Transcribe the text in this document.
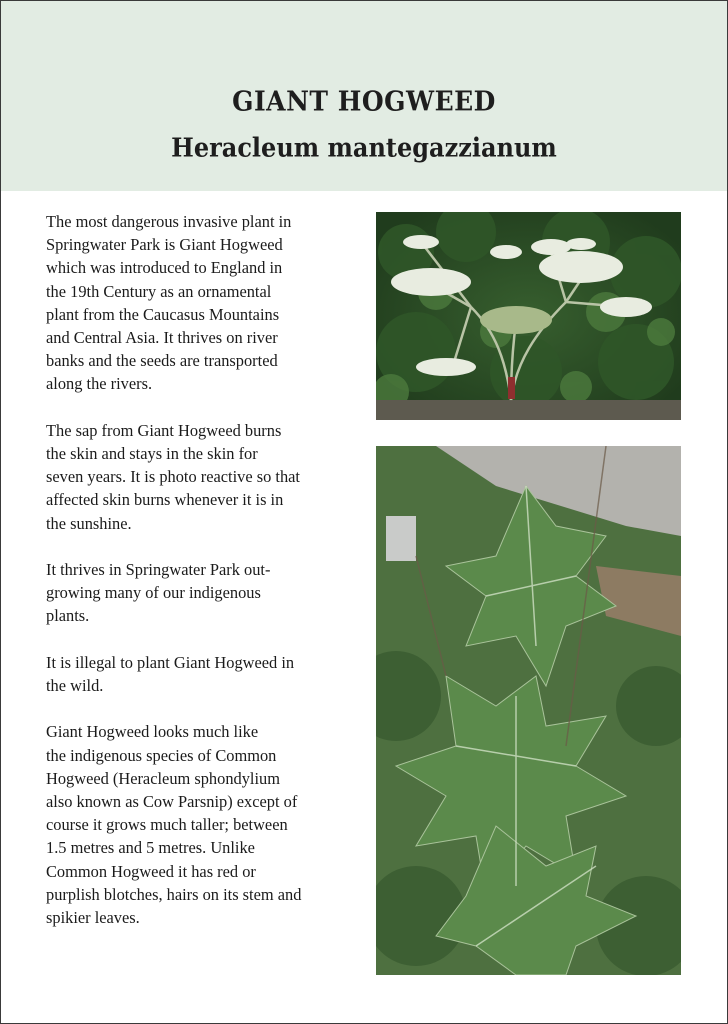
GIANT HOGWEED
Heracleum mantegazzianum

The most dangerous invasive plant in
Springwater Park is Giant Hogweed
which was introduced to England in
the 19th Century as an ornamental
plant from the Caucasus Mountains
and Central Asia. It thrives on river
banks and the seeds are transported
along the rivers.

The sap from Giant Hogweed burns
the skin and stays in the skin for
seven years. It is photo reactive so that
affected skin burns whenever it is in
the sunshine.

It thrives in Springwater Park out-
growing many of our indigenous
plants.

It is illegal to plant Giant Hogweed in
the wild.

Giant Hogweed looks much like
the indigenous species of Common
Hogweed (Heracleum sphondylium
also known as Cow Parsnip) except of
course it grows much taller; between
1.5 metres and 5 metres. Unlike
Common Hogweed it has red or
purplish blotches, hairs on its stem and
spikier leaves.
